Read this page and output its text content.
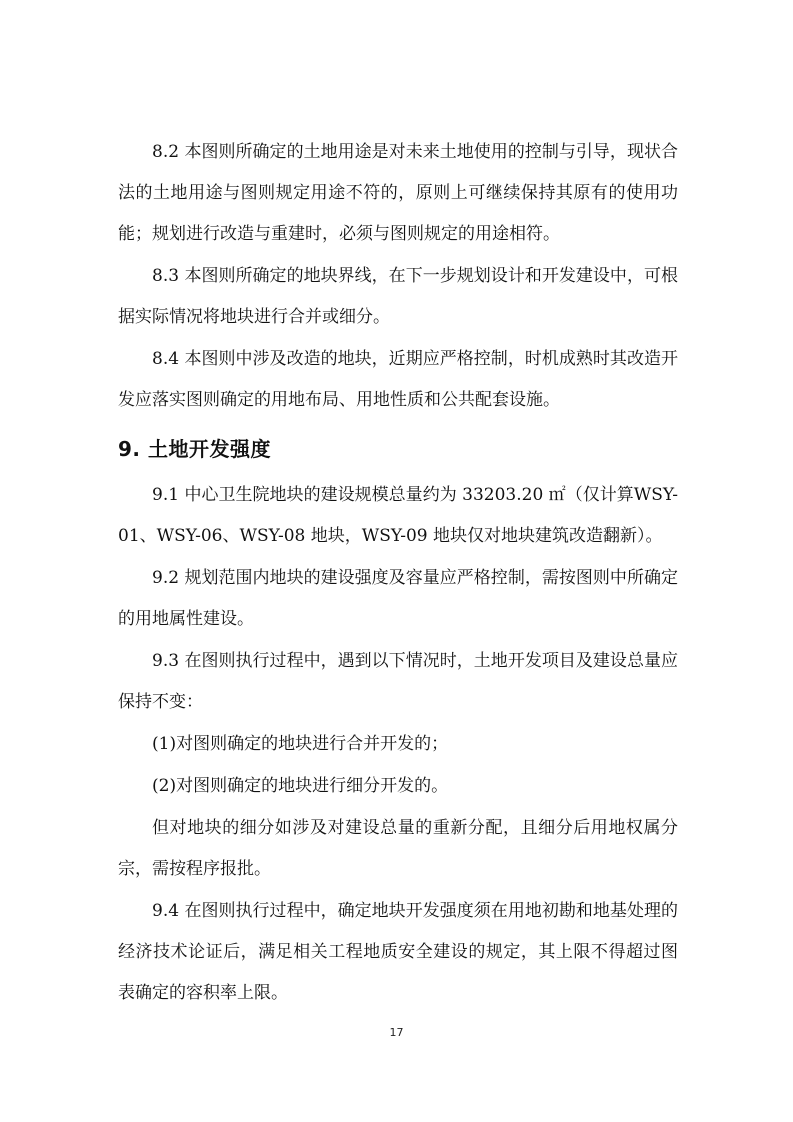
8.2 本图则所确定的土地用途是对未来土地使用的控制与引导，现状合法的土地用途与图则规定用途不符的，原则上可继续保持其原有的使用功能；规划进行改造与重建时，必须与图则规定的用途相符。

8.3 本图则所确定的地块界线，在下一步规划设计和开发建设中，可根据实际情况将地块进行合并或细分。

8.4 本图则中涉及改造的地块，近期应严格控制，时机成熟时其改造开发应落实图则确定的用地布局、用地性质和公共配套设施。

9. 土地开发强度

9.1 中心卫生院地块的建设规模总量约为 33203.20 ㎡（仅计算WSY-01、WSY-06、WSY-08 地块，WSY-09 地块仅对地块建筑改造翻新）。

9.2 规划范围内地块的建设强度及容量应严格控制，需按图则中所确定的用地属性建设。

9.3 在图则执行过程中，遇到以下情况时，土地开发项目及建设总量应保持不变：

(1)对图则确定的地块进行合并开发的；

(2)对图则确定的地块进行细分开发的。

但对地块的细分如涉及对建设总量的重新分配，且细分后用地权属分宗，需按程序报批。

9.4 在图则执行过程中，确定地块开发强度须在用地初勘和地基处理的经济技术论证后，满足相关工程地质安全建设的规定，其上限不得超过图表确定的容积率上限。

17
